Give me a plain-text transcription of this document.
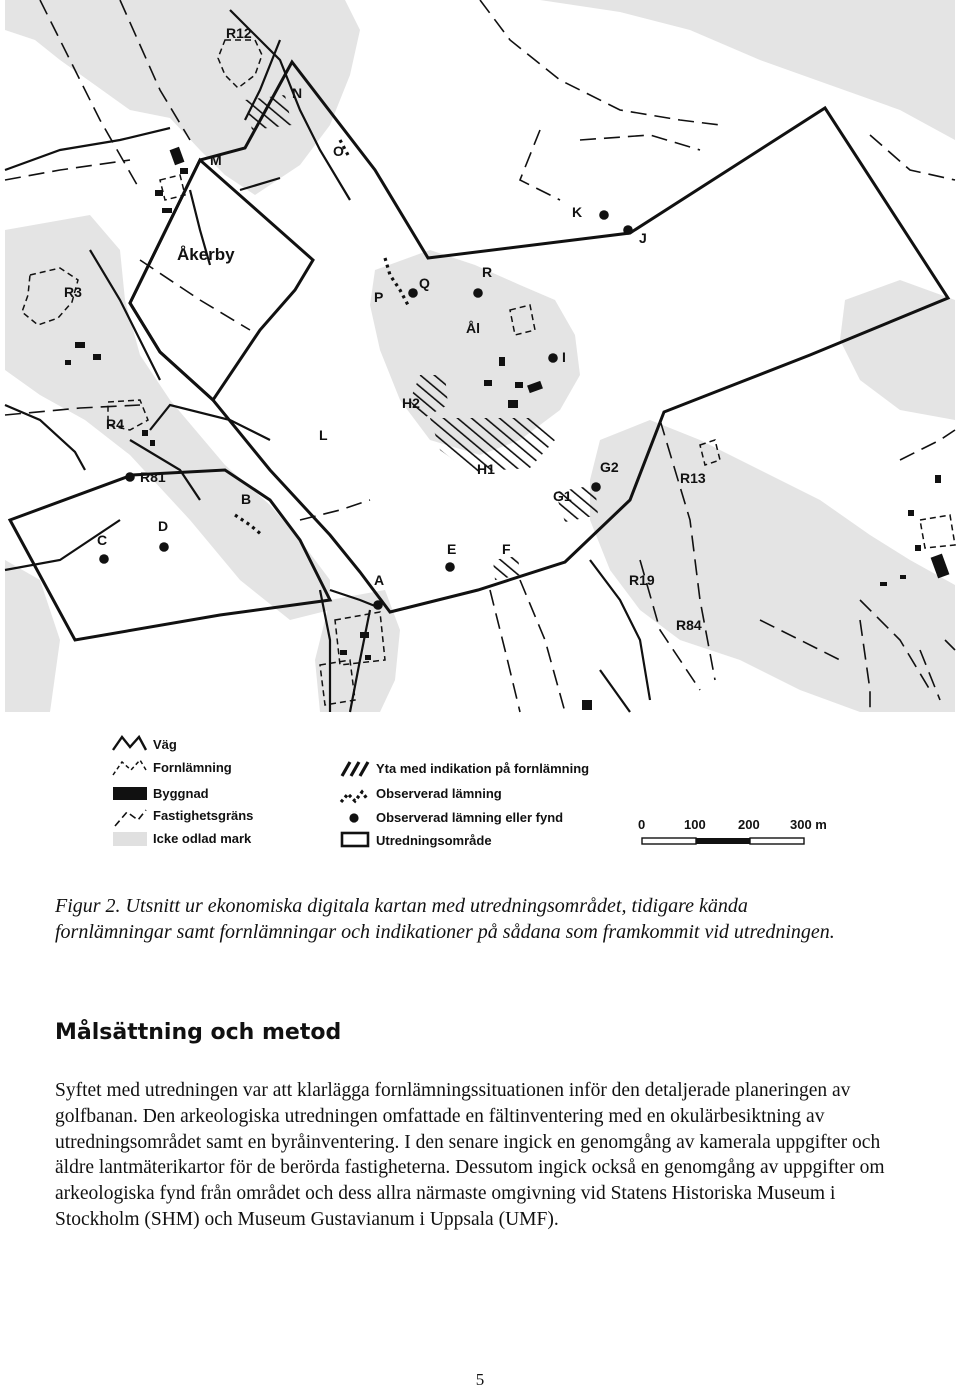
Åkerby
R12
N
O
M
K
J
R3
R
Q
P
Ål
I
H2
R4
L
H1	G2
R13
R81
G1
B
D
C
E	F
A	R19
R84
Väg
Fornlämning
Byggnad
Fastighetsgräns
Icke odlad mark
Yta med indikation på fornlämning
Observerad lämning
Observerad lämning eller fynd
Utredningsområde
0	100 200 300 m

Figur 2. Utsnitt ur ekonomiska digitala kartan med utredningsområdet, tidigare kända fornlämningar samt fornlämningar och indikationer på sådana som framkommit vid utredningen.

Målsättning och metod

Syftet med utredningen var att klarlägga fornlämningssituationen inför den detaljerade planeringen av golfbanan. Den arkeologiska utredningen omfattade en fältinventering med en okulärbesiktning av utredningsområdet samt en byråinventering. I den senare ingick en genomgång av kamerala uppgifter och äldre lantmäterikartor för de berörda fastigheterna. Dessutom ingick också en genomgång av uppgifter om arkeologiska fynd från området och dess allra närmaste omgivning vid Statens Historiska Museum i Stockholm (SHM) och Museum Gustavianum i Uppsala (UMF).

5
